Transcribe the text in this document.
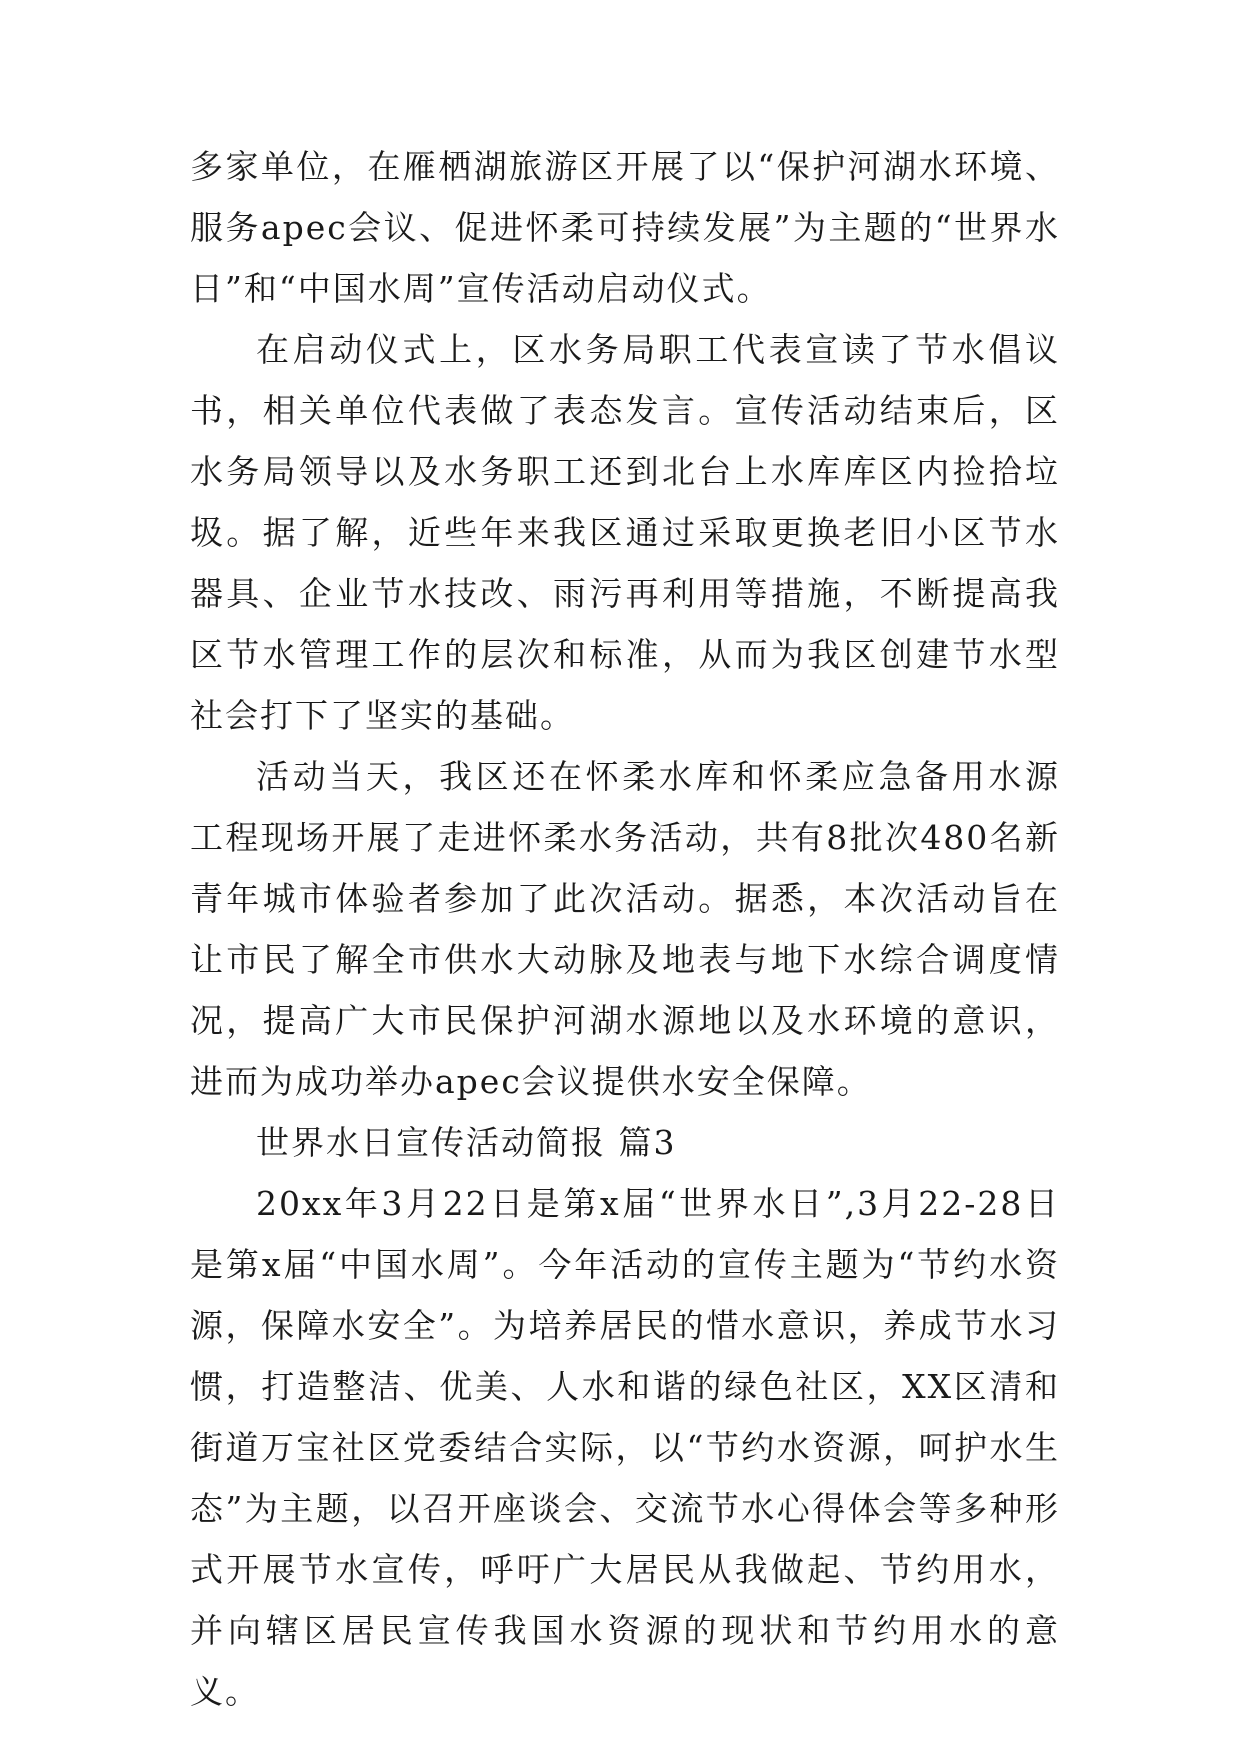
多家单位，在雁栖湖旅游区开展了以“保护河湖水环境、服务apec会议、促进怀柔可持续发展”为主题的“世界水日”和“中国水周”宣传活动启动仪式。

在启动仪式上，区水务局职工代表宣读了节水倡议书，相关单位代表做了表态发言。宣传活动结束后，区水务局领导以及水务职工还到北台上水库库区内捡拾垃圾。据了解，近些年来我区通过采取更换老旧小区节水器具、企业节水技改、雨污再利用等措施，不断提高我区节水管理工作的层次和标准，从而为我区创建节水型社会打下了坚实的基础。

活动当天，我区还在怀柔水库和怀柔应急备用水源工程现场开展了走进怀柔水务活动，共有8批次480名新青年城市体验者参加了此次活动。据悉，本次活动旨在让市民了解全市供水大动脉及地表与地下水综合调度情况，提高广大市民保护河湖水源地以及水环境的意识，进而为成功举办apec会议提供水安全保障。

世界水日宣传活动简报 篇3

20xx年3月22日是第x届“世界水日”,3月22-28日是第x届“中国水周”。今年活动的宣传主题为“节约水资源，保障水安全”。为培养居民的惜水意识，养成节水习惯，打造整洁、优美、人水和谐的绿色社区，XX区清和街道万宝社区党委结合实际，以“节约水资源，呵护水生态”为主题，以召开座谈会、交流节水心得体会等多种形式开展节水宣传，呼吁广大居民从我做起、节约用水，并向辖区居民宣传我国水资源的现状和节约用水的意义。
